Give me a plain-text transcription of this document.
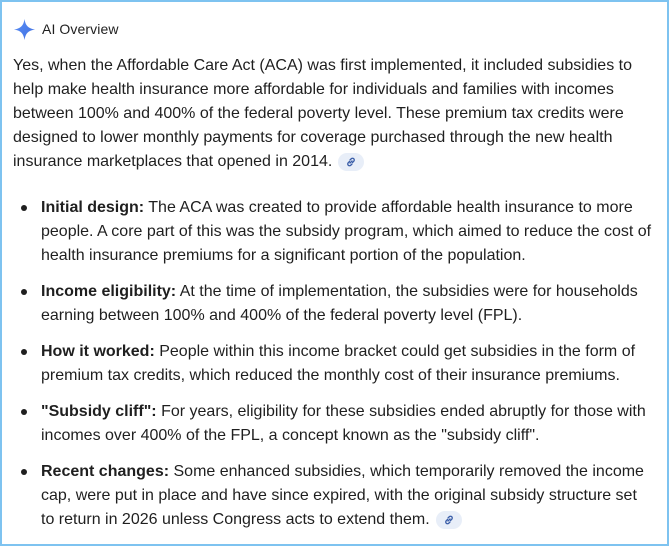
AI Overview

Yes, when the Affordable Care Act (ACA) was first implemented, it included subsidies to help make health insurance more affordable for individuals and families with incomes between 100% and 400% of the federal poverty level. These premium tax credits were designed to lower monthly payments for coverage purchased through the new health insurance marketplaces that opened in 2014.

Initial design: The ACA was created to provide affordable health insurance to more people. A core part of this was the subsidy program, which aimed to reduce the cost of health insurance premiums for a significant portion of the population.
Income eligibility: At the time of implementation, the subsidies were for households earning between 100% and 400% of the federal poverty level (FPL).
How it worked: People within this income bracket could get subsidies in the form of premium tax credits, which reduced the monthly cost of their insurance premiums.
"Subsidy cliff": For years, eligibility for these subsidies ended abruptly for those with incomes over 400% of the FPL, a concept known as the "subsidy cliff".
Recent changes: Some enhanced subsidies, which temporarily removed the income cap, were put in place and have since expired, with the original subsidy structure set to return in 2026 unless Congress acts to extend them.
